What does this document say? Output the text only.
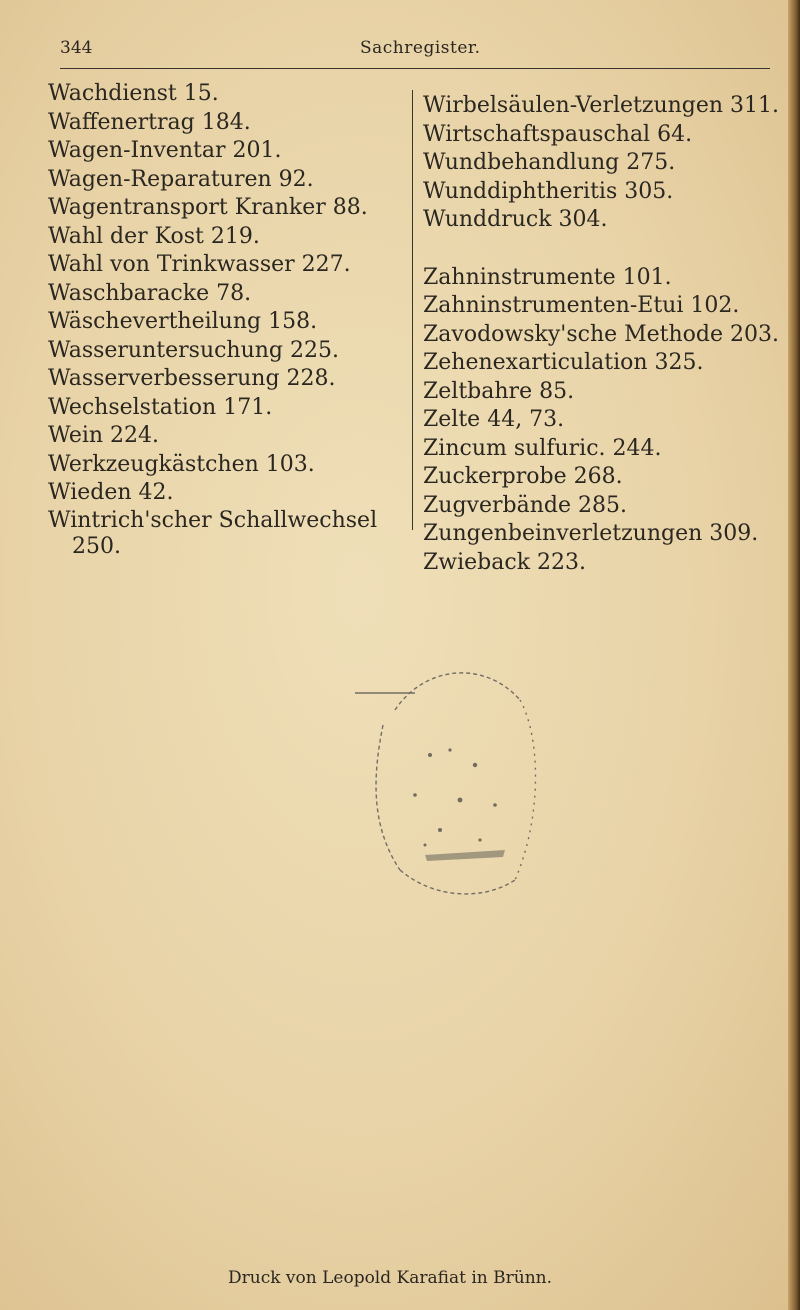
344	Sachregister.
Wachdienst 15.
Waffenertrag 184.
Wagen-Inventar 201.
Wagen-Reparaturen 92.
Wagentransport Kranker 88.
Wahl der Kost 219.
Wahl von Trinkwasser 227.
Waschbaracke 78.
Wäschevertheilung 158.
Wasseruntersuchung 225.
Wasserverbesserung 228.
Wechselstation 171.
Wein 224.
Werkzeugkästchen 103.
Wieden 42.
Wintrich'scher Schallwechsel
250.
Wirbelsäulen-Verletzungen 311.
Wirtschaftspauschal 64.
Wundbehandlung 275.
Wunddiphtheritis 305.
Wunddruck 304.
Zahninstrumente 101.
Zahninstrumenten-Etui 102.
Zavodowsky'sche Methode 203.
Zehenexarticulation 325.
Zeltbahre 85.
Zelte 44, 73.
Zincum sulfuric. 244.
Zuckerprobe 268.
Zugverbände 285.
Zungenbeinverletzungen 309.
Zwieback 223.
Druck von Leopold Karafiat in Brünn.
